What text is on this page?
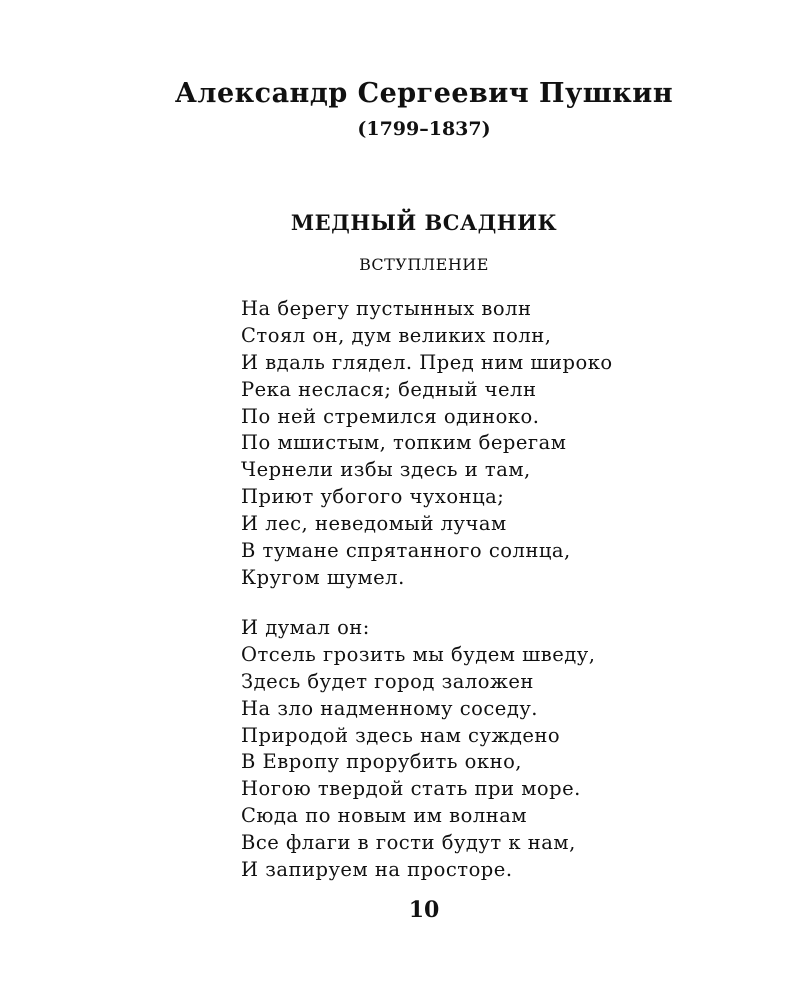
Александр Сергеевич Пушкин
(1799–1837)
МЕДНЫЙ ВСАДНИК
ВСТУПЛЕНИЕ
На берегу пустынных волн
Стоял он, дум великих полн,
И вдаль глядел. Пред ним широко
Река неслася; бедный челн
По ней стремился одиноко.
По мшистым, топким берегам
Чернели избы здесь и там,
Приют убогого чухонца;
И лес, неведомый лучам
В тумане спрятанного солнца,
Кругом шумел.
И думал он:
Отсель грозить мы будем шведу,
Здесь будет город заложен
На зло надменному соседу.
Природой здесь нам суждено
В Европу прорубить окно,
Ногою твердой стать при море.
Сюда по новым им волнам
Все флаги в гости будут к нам,
И запируем на просторе.
10
